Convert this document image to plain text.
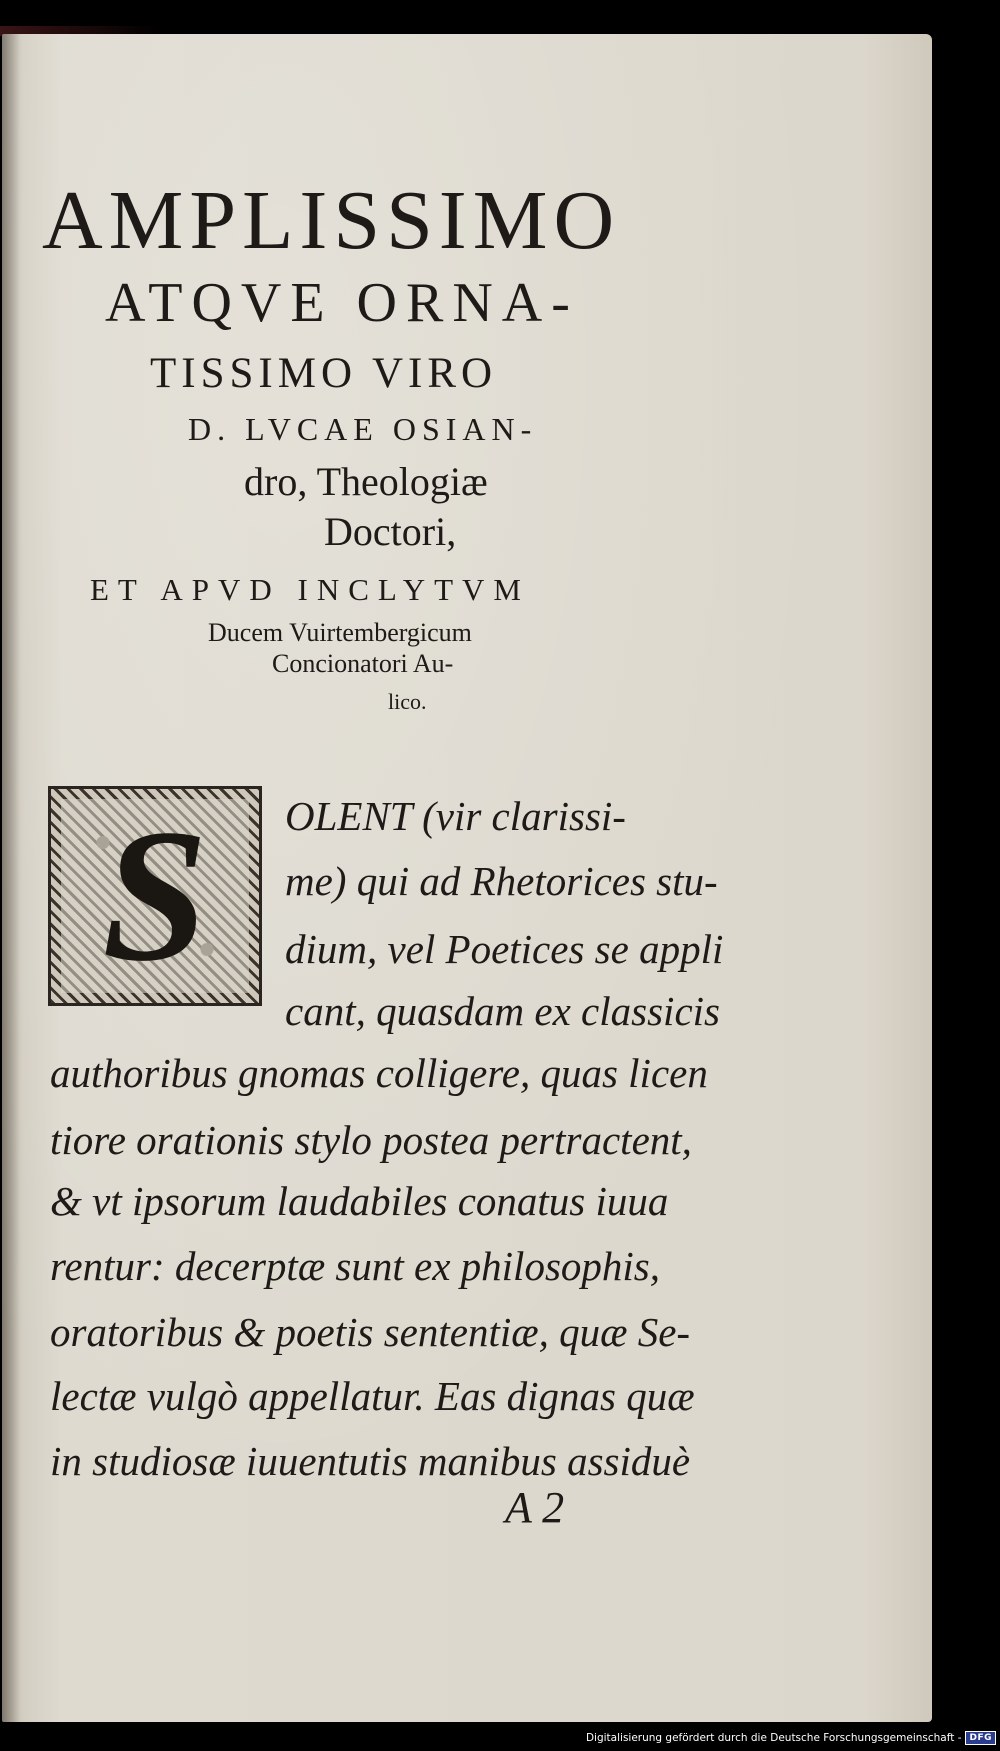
AMPLISSIMO
ATQVE ORNA-
TISSIMO VIRO
D. LVCAE OSIAN-
dro, Theologiæ
Doctori,
ET APVD INCLYTVM
Ducem Vuirtembergicum
Concionatori Au-
lico.
S OLENT (vir clarissi-
me) qui ad Rhetorices stu-
dium, vel Poetices se appli
cant, quasdam ex classicis
authoribus gnomas colligere, quas licen
tiore orationis stylo postea pertractent,
& vt ipsorum laudabiles conatus iuua
rentur: decerptæ sunt ex philosophis,
oratoribus & poetis sententiæ, quæ Se-
lectæ vulgò appellatur. Eas dignas quæ
in studiosæ iuuentutis manibus assiduè
A 2
Digitalisierung gefördert durch die Deutsche Forschungsgemeinschaft - DFG
